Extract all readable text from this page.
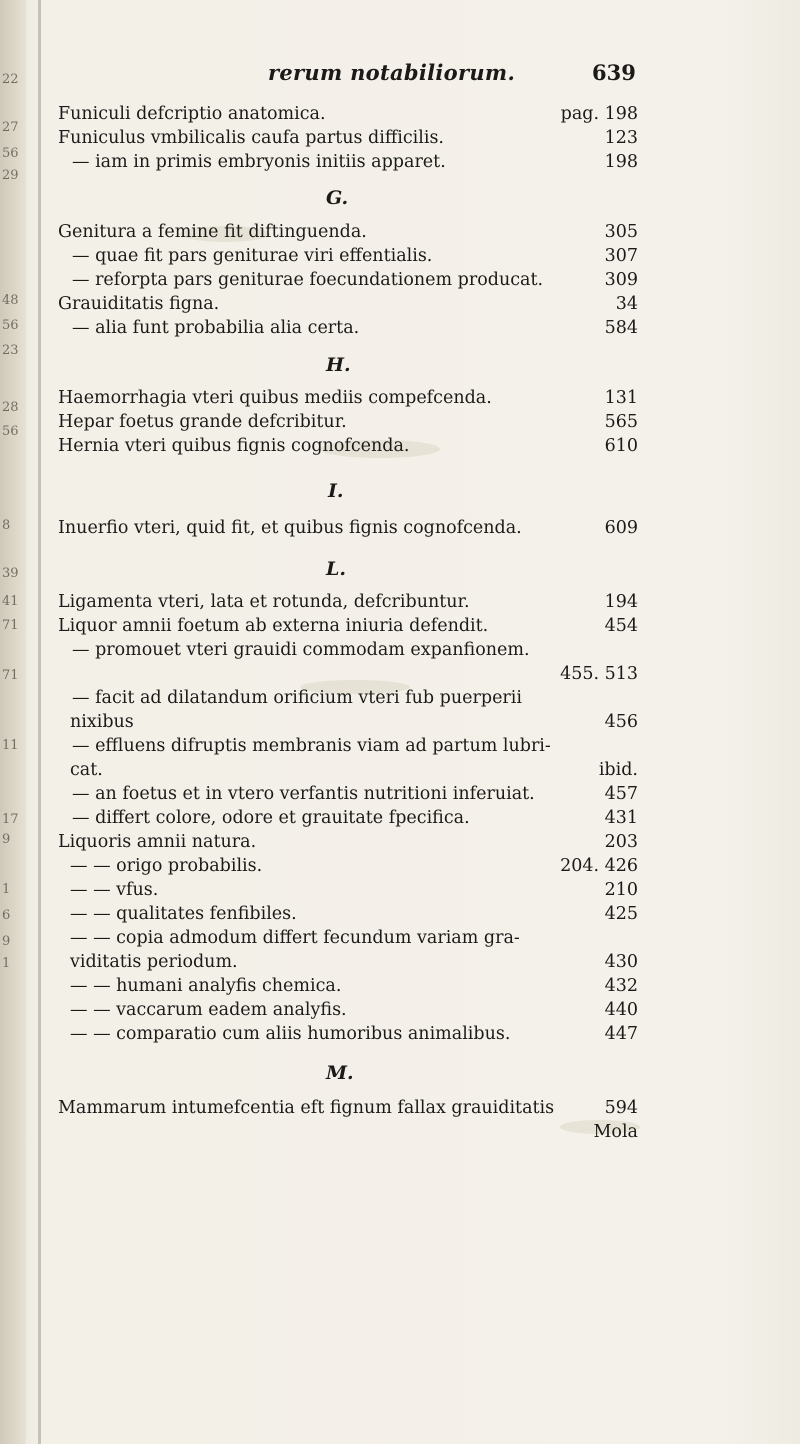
22
27
56
29
48
56
23
28
56
8
39
41
71
71
11
17
9
1
6
9
1
rerum notabiliorum.	639
Funiculi defcriptio anatomica.	pag. 198
Funiculus vmbilicalis caufa partus difficilis.	123
— iam in primis embryonis initiis apparet.	198
G.
Genitura a femine fit diftinguenda.	305
— quae fit pars geniturae viri effentialis.	307
— reforpta pars geniturae foecundationem producat.	309
Grauiditatis figna.	34
— alia funt probabilia alia certa.	584
H.
Haemorrhagia vteri quibus mediis compefcenda.	131
Hepar foetus grande defcribitur.	565
Hernia vteri quibus fignis cognofcenda.	610
I.
Inuerfio vteri, quid fit, et quibus fignis cognofcenda.	609
L.
Ligamenta vteri, lata et rotunda, defcribuntur.	194
Liquor amnii foetum ab externa iniuria defendit.	454
— promouet vteri grauidi commodam expanfionem.
455. 513
— facit ad dilatandum orificium vteri fub puerperii
nixibus	456
— effluens difruptis membranis viam ad partum lubri-
cat.	ibid.
— an foetus et in vtero verfantis nutritioni inferuiat.	457
— differt colore, odore et grauitate fpecifica.	431
Liquoris amnii natura.	203
— — origo probabilis.	204. 426
— — vfus.	210
— — qualitates fenfibiles.	425
— — copia admodum differt fecundum variam gra-
viditatis periodum.	430
— — humani analyfis chemica.	432
— — vaccarum eadem analyfis.	440
— — comparatio cum aliis humoribus animalibus.	447
M.
Mammarum intumefcentia eft fignum fallax grauiditatis	594
Mola
